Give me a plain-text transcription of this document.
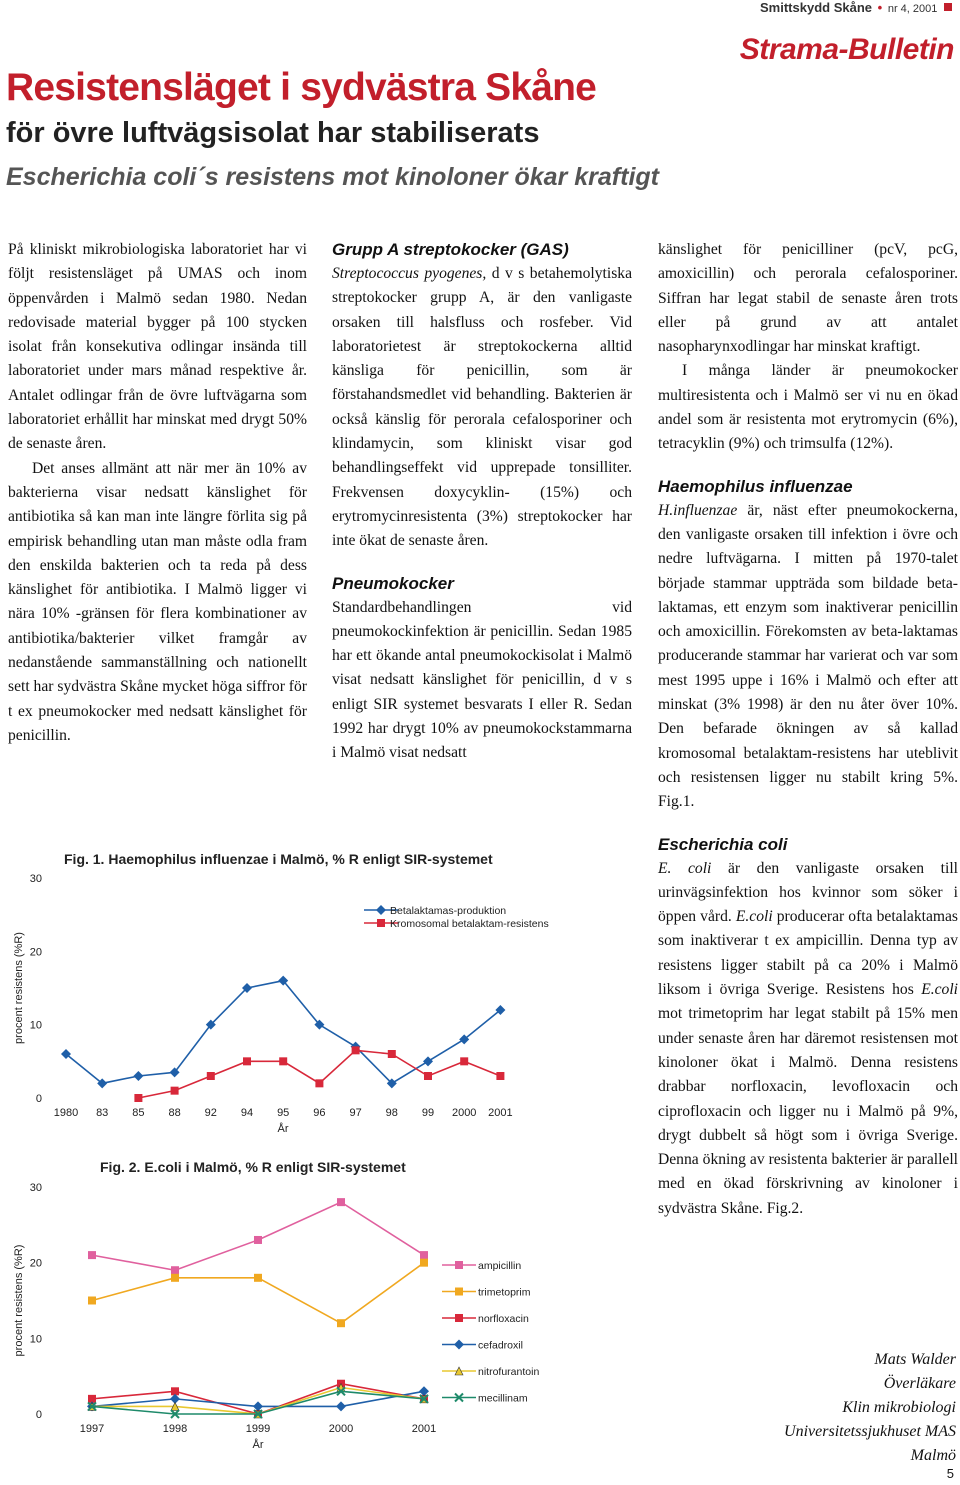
Smittskydd Skåne • nr 4, 2001
Strama-Bulletin
Resistensläget i sydvästra Skåne
för övre luftvägsisolat har stabiliserats
Escherichia coli´s resistens mot kinoloner ökar kraftigt

På kliniskt mikrobiologiska laboratoriet har vi följt resistensläget på UMAS och inom öppenvården i Malmö sedan 1980. Nedan redovisade material bygger på 100 stycken isolat från konsekutiva odlingar insända till laboratoriet under mars månad respektive år. Antalet odlingar från de övre luftvägarna som laboratoriet erhållit har minskat med drygt 50% de senaste åren.

Det anses allmänt att när mer än 10% av bakterierna visar nedsatt känslighet för antibiotika så kan man inte längre förlita sig på empirisk behandling utan man måste odla fram den enskilda bakterien och ta reda på dess känslighet för antibiotika. I Malmö ligger vi nära 10% -gränsen för flera kombinationer av antibiotika/bakterier vilket framgår av nedanstående sammanställning och nationellt sett har sydvästra Skåne mycket höga siffror för t ex pneumokocker med nedsatt känslighet för penicillin.

Grupp A streptokocker (GAS)

Streptococcus pyogenes, d v s betahemolytiska streptokocker grupp A, är den vanligaste orsaken till halsfluss och rosfeber. Vid laboratorietest är streptokockerna alltid känsliga för penicillin, som är förstahandsmedlet vid behandling. Bakterien är också känslig för perorala cefalosporiner och klindamycin, som kliniskt visar god behandlingseffekt vid upprepade tonsilliter. Frekvensen doxycyklin- (15%) och erytromycinresistenta (3%) streptokocker har inte ökat de senaste åren.

Pneumokocker

Standardbehandlingen vid pneumokockinfektion är penicillin. Sedan 1985 har ett ökande antal pneumokockisolat i Malmö visat nedsatt känslighet för penicillin, d v s enligt SIR systemet besvarats I eller R. Sedan 1992 har drygt 10% av pneumokockstammarna i Malmö visat nedsatt

känslighet för penicilliner (pcV, pcG, amoxicillin) och perorala cefalosporiner. Siffran har legat stabil de senaste åren trots eller på grund av att antalet nasopharynxodlingar har minskat kraftigt.

I många länder är pneumokocker multiresistenta och i Malmö ser vi nu en ökad andel som är resistenta mot erytromycin (6%), tetracyklin (9%) och trimsulfa (12%).

Haemophilus influenzae

H.influenzae är, näst efter pneumokockerna, den vanligaste orsaken till infektion i övre och nedre luftvägarna. I mitten på 1970-talet började stammar uppträda som bildade beta-laktamas, ett enzym som inaktiverar penicillin och amoxicillin. Förekomsten av beta-laktamas producerande stammar har varierat och var som mest 1995 uppe i 16% i Malmö och efter att minskat (3% 1998) är den nu åter över 10%. Den befarade ökningen av så kallad kromosomal betalaktam-resistens har uteblivit och resistensen ligger nu stabilt kring 5%. Fig.1.

Escherichia coli

E. coli är den vanligaste orsaken till urinvägsinfektion hos kvinnor som söker i öppen vård. E.coli producerar ofta betalaktamas som inaktiverar t ex ampicillin. Denna typ av resistens ligger stabilt på ca 20% i Malmö liksom i övriga Sverige. Resistens hos E.coli mot trimetoprim har legat stabilt på 15% men under senaste åren har däremot resistensen mot kinoloner ökat i Malmö. Denna resistens drabbar norfloxacin, levofloxacin och ciprofloxacin och ligger nu i Malmö på 9%, drygt dubbelt så högt som i övriga Sverige. Denna ökning av resistenta bakterier är parallell med en ökad förskrivning av kinoloner i sydvästra Skåne. Fig.2.

Mats Walder
Överläkare
Klin mikrobiologi
Universitetssjukhuset MAS
Malmö
5
Fig. 1. Haemophilus influenzae i Malmö, % R enligt SIR-systemet
0
10
20
30
procent resistens (%R)
1980 83 85 88 92 94 95 96 97 98 99 2000 2001
År
Betalaktamas-produktion
Kromosomal betalaktam-resistens
Fig. 2. E.coli i Malmö, % R enligt SIR-systemet
0
10
20
30
procent resistens (%R)
1997	1998	1999	2000	2001
År
ampicillin
trimetoprim
norfloxacin
cefadroxil
nitrofurantoin
mecillinam
